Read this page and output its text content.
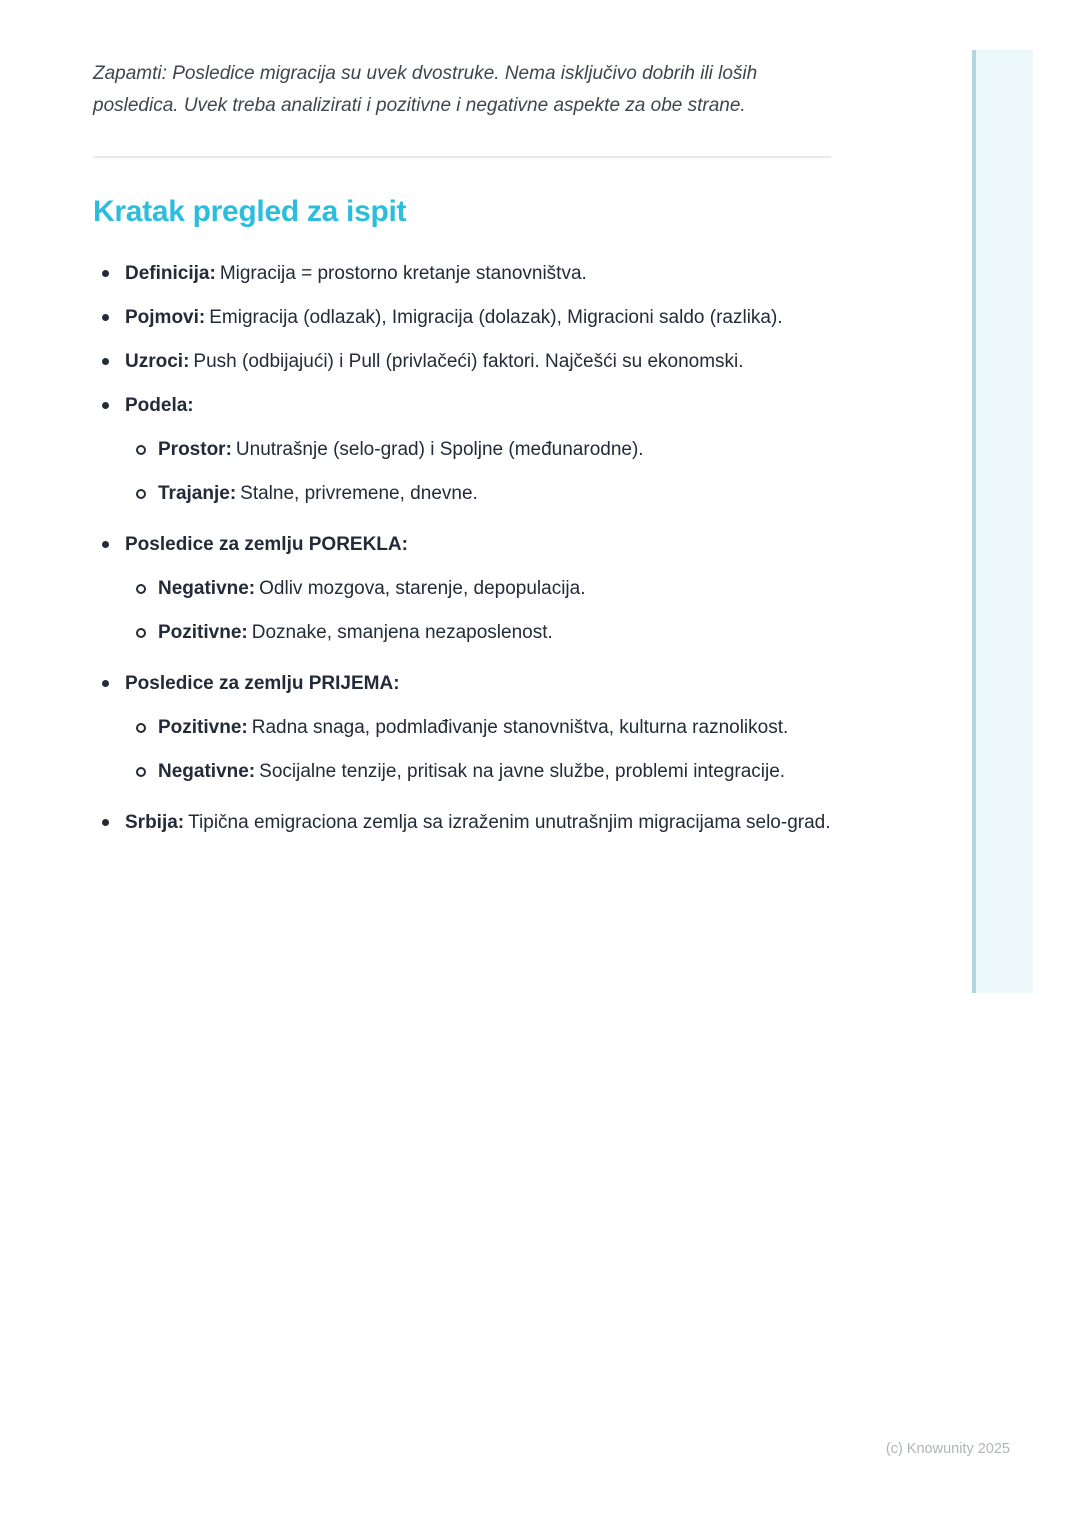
Zapamti: Posledice migracija su uvek dvostruke. Nema isključivo dobrih ili loših posledica. Uvek treba analizirati i pozitivne i negativne aspekte za obe strane.

Kratak pregled za ispit
Definicija: Migracija = prostorno kretanje stanovništva.
Pojmovi: Emigracija (odlazak), Imigracija (dolazak), Migracioni saldo (razlika).
Uzroci: Push (odbijajući) i Pull (privlačeći) faktori. Najčešći su ekonomski.
Podela:
Prostor: Unutrašnje (selo-grad) i Spoljne (međunarodne).
Trajanje: Stalne, privremene, dnevne.
Posledice za zemlju POREKLA:
Negativne: Odliv mozgova, starenje, depopulacija.
Pozitivne: Doznake, smanjena nezaposlenost.
Posledice za zemlju PRIJEMA:
Pozitivne: Radna snaga, podmlađivanje stanovništva, kulturna raznolikost.
Negativne: Socijalne tenzije, pritisak na javne službe, problemi integracije.
Srbija: Tipična emigraciona zemlja sa izraženim unutrašnjim migracijama selo-grad.
(c) Knowunity 2025
